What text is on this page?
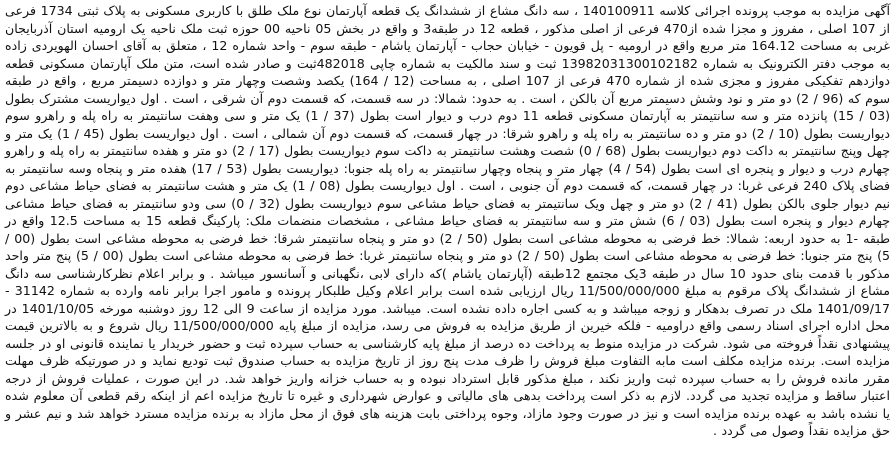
آگهی مزایده به موجب پرونده اجرائی کلاسه 140100911 ، سه دانگ مشاع از ششدانگ یک قطعه آپارتمان نوع ملک طلق با کاربری مسکونی به پلاک ثبتی 1734 فرعی از 107 اصلی ، مفروز و مجزا شده از470 فرعی از اصلی مذکور ، قطعه 12 در طبقه3 و واقع در بخش 05 ناحیه 00 حوزه ثبت ملک ناحیه یک ارومیه استان آذربایجان غربی به مساحت 164.12 متر مربع واقع در ارومیه - پل قویون - خیابان حجاب - آپارتمان یاشام - طبقه سوم - واحد شماره 12 ، متعلق به آقای احسان الهویردی زاده به موجب دفتر الکترونیک به شماره 13982031300102182 ثبت و سند مالکیت به شماره چاپی 482018ثبت و صادر شده است، متن ملک آپارتمان مسکونی قطعه دوازدهم تفکیکی مفروز و مجزی شده از شماره 470 فرعی از 107 اصلی ، به مساحت (12 / 164) یکصد وشصت وچهار متر و دوازده دسیمتر مربع ، واقع در طبقه سوم که (96 / 2) دو متر و نود وشش دسیمتر مربع آن بالکن ، است . به حدود: شمالا: در سه قسمت، که قسمت دوم آن شرقی ، است . اول دیواریست مشترک بطول (03 / 15) پانزده متر و سه سانتیمتر به آپارتمان مسکونی قطعه 11 دوم درب و دیوار است بطول (37 / 1) یک متر و سی وهفت سانتیمتر به راه پله و راهرو سوم دیواریست بطول (10 / 2) دو متر و ده سانتیمتر به راه پله و راهرو شرقا: در چهار قسمت، که قسمت دوم آن شمالی ، است . اول دیواریست بطول (45 / 1) یک متر و چهل وپنج سانتیمتر به داکت دوم دیواریست بطول (68 / 0) شصت وهشت سانتیمتر به داکت سوم دیواریست بطول (17 / 2) دو متر و هفده سانتیمتر به راه پله و راهرو چهارم درب و دیوار و پنجره ای است بطول (54 / 4) چهار متر و پنجاه وچهار سانتیمتر به راه پله جنوبا: دیواریست بطول (53 / 17) هفده متر و پنجاه وسه سانتیمتر به فضای پلاک 240 فرعی غربا: در چهار قسمت، که قسمت دوم آن جنوبی ، است . اول دیواریست بطول (08 / 1) یک متر و هشت سانتیمتر به فضای حیاط مشاعی دوم نیم دیوار جلوی بالکن بطول (41 / 2) دو متر و چهل ویک سانتیمتر به فضای حیاط مشاعی سوم دیواریست بطول (32 / 0) سی ودو سانتیمتر به فضای حیاط مشاعی چهارم دیوار و پنجره است بطول (03 / 6) شش متر و سه سانتیمتر به فضای حیاط مشاعی ، مشخصات منضمات ملک: پارکینگ قطعه 15 به مساحت 12.5 واقع در طبقه -1 به حدود اربعه: شمالا: خط فرضی به محوطه مشاعی است بطول (50 / 2) دو متر و پنجاه سانتیمتر شرقا: خط فرضی به محوطه مشاعی است بطول (00 / 5) پنج متر جنوبا: خط فرضی به محوطه مشاعی است بطول (50 / 2) دو متر و پنجاه سانتیمتر غربا: خط فرضی به محوطه مشاعی است بطول (00 / 5) پنج متر واحد مذکور با قدمت بنای حدود 10 سال در طبقه 3یک مجتمع 12طبقه (آپارتمان یاشام )که دارای لابی ،نگهبانی و آسانسور میباشد . و برابر اعلام نظرکارشناسی سه دانگ مشاع از ششدانگ پلاک مرقوم به مبلغ 11/500/000/000 ریال ارزیابی شده است برابر اعلام وکیل طلبکار پرونده و مامور اجرا برابر نامه وارده به شماره 31142 - 1401/09/17 ملک در تصرف بدهکار و زوجه میباشد و به کسی اجاره داده نشده است. میباشد. مورد مزایده از ساعت 9 الی 12 روز دوشنبه مورخه 1401/10/05 در محل اداره اجرای اسناد رسمی واقع دراومیه - فلکه خیرین از طریق مزایده به فروش می رسد، مزایده از مبلغ پایه 11/500/000/000 ریال شروع و به بالاترین قیمت پیشنهادی نقداً فروخته می شود. شرکت در مزایده منوط به پرداخت ده درصد از مبلغ پایه کارشناسی به حساب سپرده ثبت و حضور خریدار یا نماینده قانونی او در جلسه مزایده است. برنده مزایده مکلف است مابه التفاوت مبلغ فروش را ظرف مدت پنج روز از تاریخ مزایده به حساب صندوق ثبت تودیع نماید و در صورتیکه ظرف مهلت مقرر مانده فروش را به حساب سپرده ثبت واریز نکند ، مبلغ مذکور قابل استرداد نبوده و به حساب خزانه واریز خواهد شد. در این صورت ، عملیات فروش از درجه اعتبار ساقط و مزایده تجدید می گردد. لازم به ذکر است پرداخت بدهی های مالیاتی و عوارض شهرداری و غیره تا تاریخ مزایده اعم از اینکه رقم قطعی آن معلوم شده یا نشده باشد به عهده برنده مزایده است و نیز در صورت وجود مازاد، وجوه پرداختی بابت هزینه های فوق از محل مازاد به برنده مزایده مسترد خواهد شد و نیم عشر و حق مزایده نقداً وصول می گردد .
